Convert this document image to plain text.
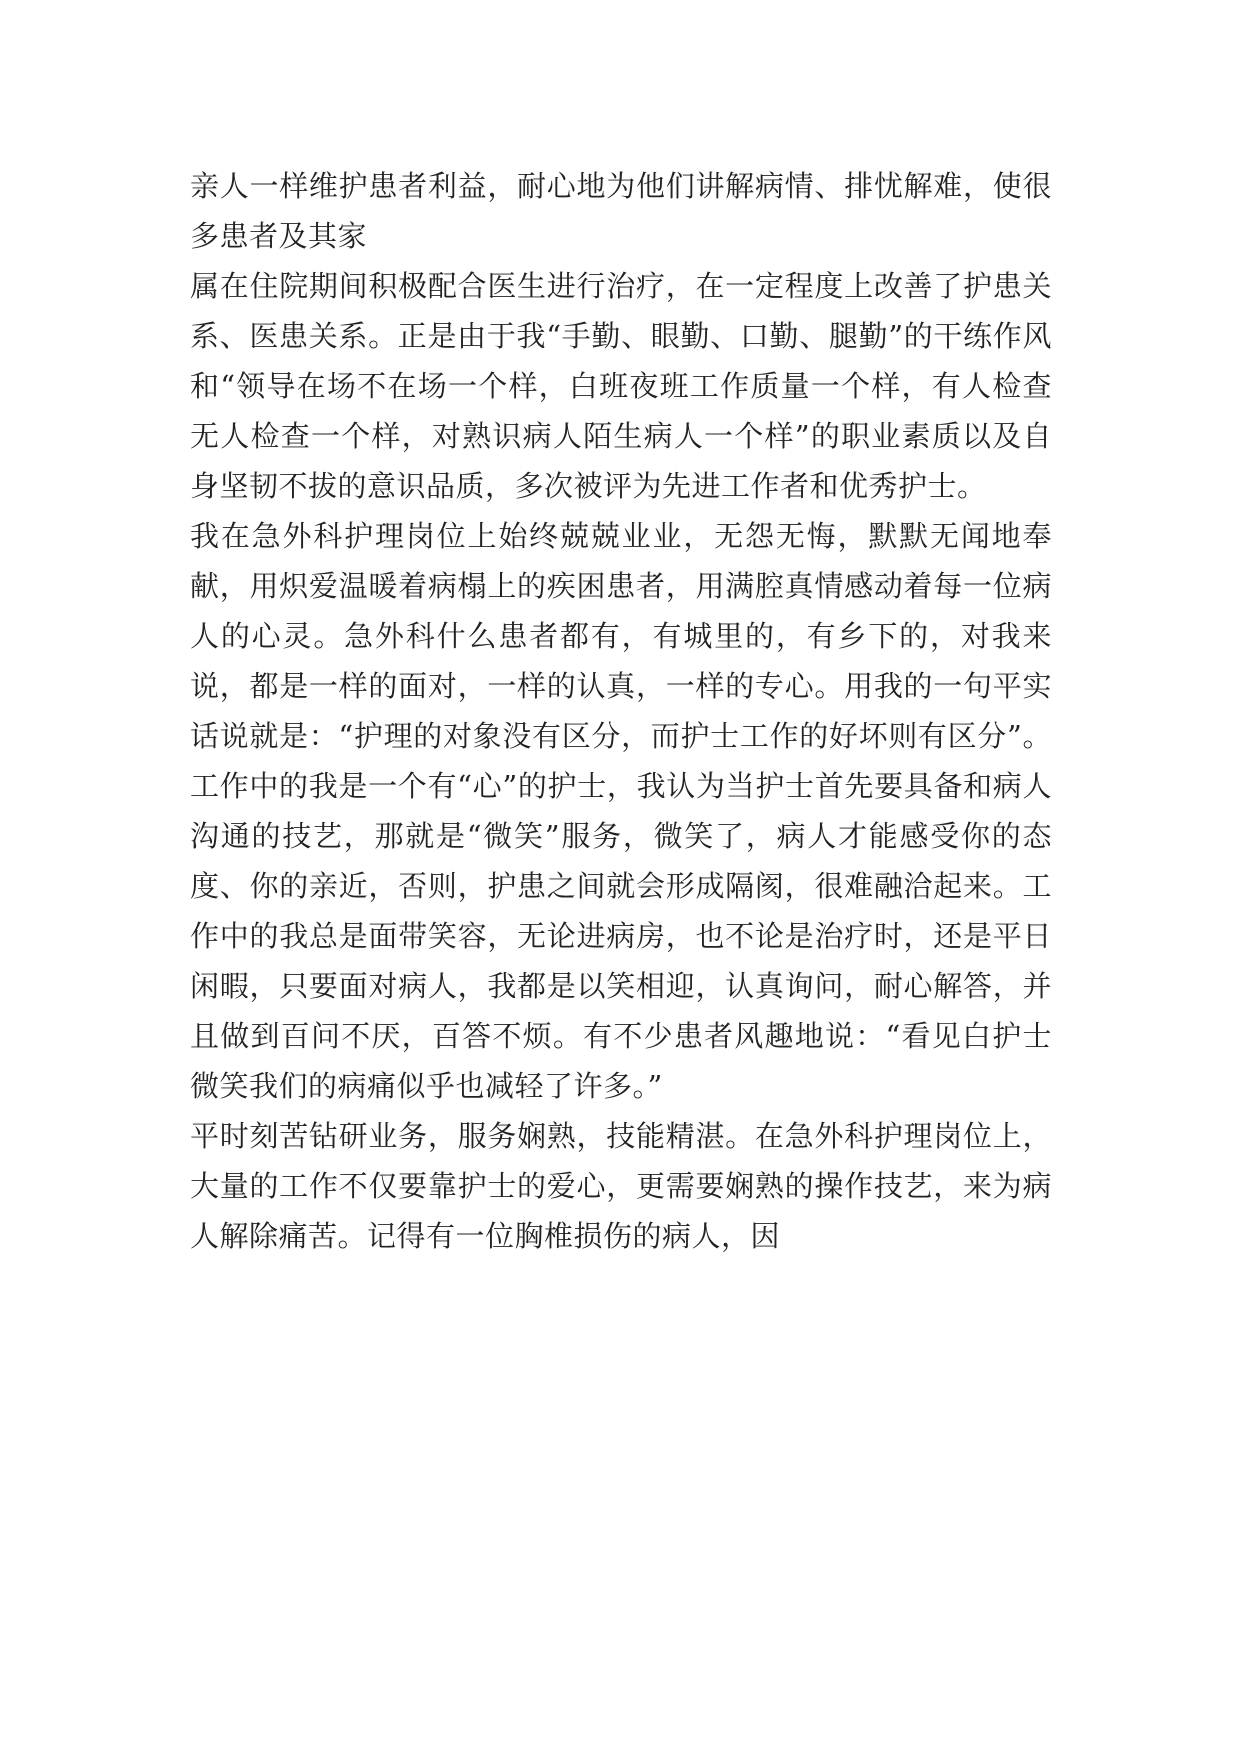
亲人一样维护患者利益，耐心地为他们讲解病情、排忧解难，使很多患者及其家

属在住院期间积极配合医生进行治疗，在一定程度上改善了护患关系、医患关系。正是由于我“手勤、眼勤、口勤、腿勤”的干练作风和“领导在场不在场一个样，白班夜班工作质量一个样，有人检查无人检查一个样，对熟识病人陌生病人一个样”的职业素质以及自身坚韧不拔的意识品质，多次被评为先进工作者和优秀护士。

我在急外科护理岗位上始终兢兢业业，无怨无悔，默默无闻地奉献，用炽爱温暖着病榻上的疾困患者，用满腔真情感动着每一位病人的心灵。急外科什么患者都有，有城里的，有乡下的，对我来说，都是一样的面对，一样的认真，一样的专心。用我的一句平实话说就是：“护理的对象没有区分，而护士工作的好坏则有区分”。工作中的我是一个有“心”的护士，我认为当护士首先要具备和病人沟通的技艺，那就是“微笑”服务，微笑了，病人才能感受你的态度、你的亲近，否则，护患之间就会形成隔阂，很难融洽起来。工作中的我总是面带笑容，无论进病房，也不论是治疗时，还是平日闲暇，只要面对病人，我都是以笑相迎，认真询问，耐心解答，并且做到百问不厌，百答不烦。有不少患者风趣地说：“看见白护士微笑我们的病痛似乎也减轻了许多。”

平时刻苦钻研业务，服务娴熟，技能精湛。在急外科护理岗位上，大量的工作不仅要靠护士的爱心，更需要娴熟的操作技艺，来为病人解除痛苦。记得有一位胸椎损伤的病人，因
